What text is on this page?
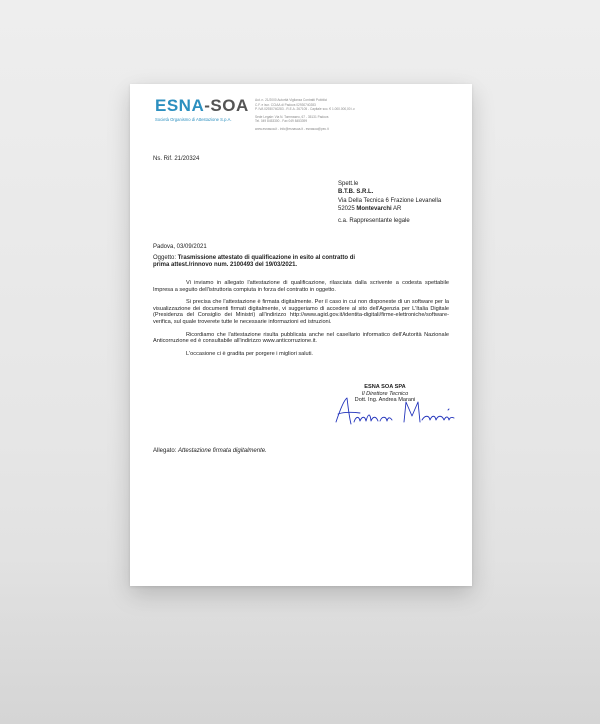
ESNA-SOA
Società Organismo di Attestazione S.p.A.
Aut. n. 21/2000 Autorità Vigilanza Contratti Pubblici
C.F. e iscr. CCIAA di Padova 02930740283
P. IVA 02930740283 - R.E.A. 267105 - Capitale soc. € 1.000.000,00 i.v.
Sede Legale: Via N. Tommaseo, 67 - 35131 Padova
Tel. 049 8453300 - Fax 049 8453399
www.esnasoa.it - info@esnasoa.it - esnasoa@pec.it
Ns. Rif. 21/20324
Spett.le
B.T.B. S.R.L.
Via Della Tecnica 6 Frazione Levanella
52025 Montevarchi AR
c.a. Rappresentante legale
Padova, 03/09/2021
Oggetto: Trasmissione attestato di qualificazione in esito al contratto di prima attest./rinnovo num. 2100493 del 19/03/2021.

Vi inviamo in allegato l'attestazione di qualificazione, rilasciata dalla scrivente a codesta spettabile Impresa a seguito dell'istruttoria compiuta in forza del contratto in oggetto.

Si precisa che l'attestazione è firmata digitalmente. Per il caso in cui non disponeste di un software per la visualizzazione dei documenti firmati digitalmente, vi suggeriamo di accedere al sito dell'Agenzia per L'Italia Digitale (Presidenza del Consiglio dei Ministri) all'indirizzo http://www.agid.gov.it/identita-digitali/firme-elettroniche/software-verifica, sul quale troverete tutte le necessarie informazioni ed istruzioni.

Ricordiamo che l'attestazione risulta pubblicata anche nel casellario informatico dell'Autorità Nazionale Anticorruzione ed è consultabile all'indirizzo www.anticorruzione.it.

L'occasione ci è gradita per porgere i migliori saluti.

ESNA SOA SPA
Il Direttore Tecnico
Dott. Ing. Andrea Marani
Allegato: Attestazione firmata digitalmente.
